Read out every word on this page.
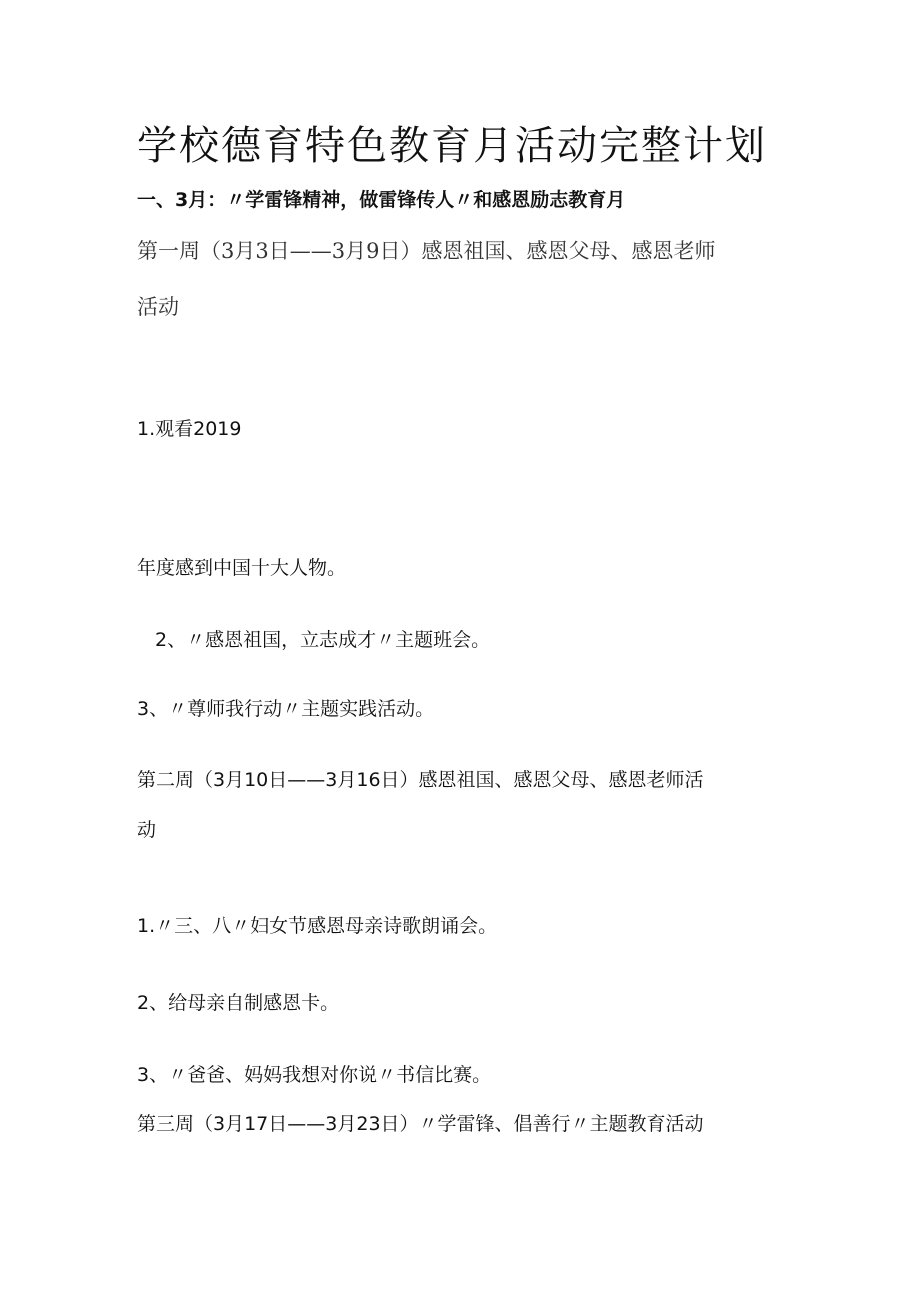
学校德育特色教育月活动完整计划
一、3月：〃学雷锋精神，做雷锋传人〃和感恩励志教育月
第一周（3月3日——3月9日）感恩祖国、感恩父母、感恩老师
活动
1.观看2019
年度感到中国十大人物。
2、〃感恩祖国，立志成才〃主题班会。
3、〃尊师我行动〃主题实践活动。
第二周（3月10日——3月16日）感恩祖国、感恩父母、感恩老师活
动
1.〃三、八〃妇女节感恩母亲诗歌朗诵会。
2、给母亲自制感恩卡。
3、〃爸爸、妈妈我想对你说〃书信比赛。
第三周（3月17日——3月23日）〃学雷锋、倡善行〃主题教育活动
